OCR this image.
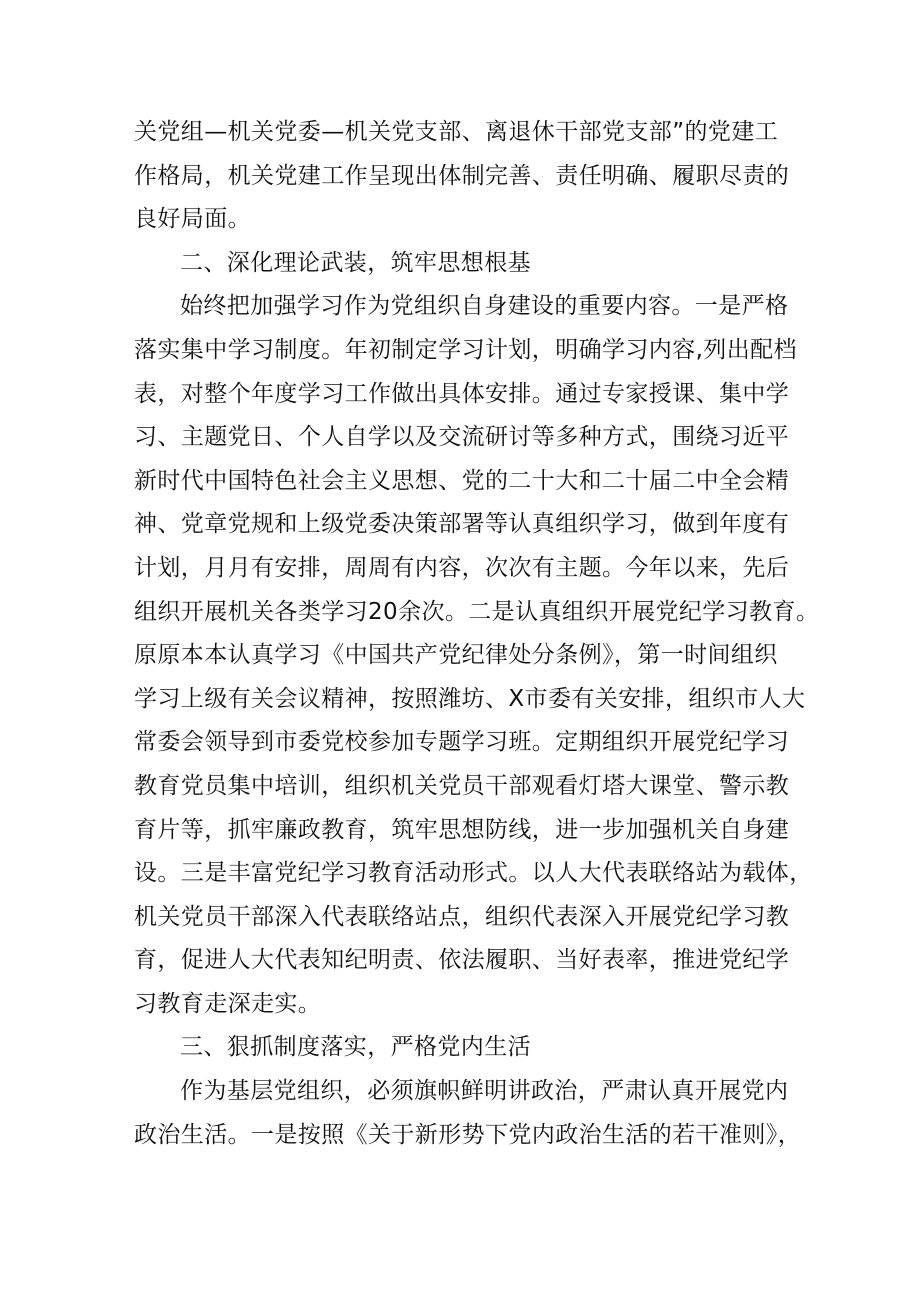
关党组—机关党委—机关党支部、离退休干部党支部”的党建工
作格局，机关党建工作呈现出体制完善、责任明确、履职尽责的
良好局面。
二、深化理论武装，筑牢思想根基
始终把加强学习作为党组织自身建设的重要内容。一是严格
落实集中学习制度。年初制定学习计划，明确学习内容,列出配档
表，对整个年度学习工作做出具体安排。通过专家授课、集中学
习、主题党日、个人自学以及交流研讨等多种方式，围绕习近平
新时代中国特色社会主义思想、党的二十大和二十届二中全会精
神、党章党规和上级党委决策部署等认真组织学习，做到年度有
计划，月月有安排，周周有内容，次次有主题。今年以来，先后
组织开展机关各类学习20余次。二是认真组织开展党纪学习教育。
原原本本认真学习《中国共产党纪律处分条例》，第一时间组织
学习上级有关会议精神，按照潍坊、X市委有关安排，组织市人大
常委会领导到市委党校参加专题学习班。定期组织开展党纪学习
教育党员集中培训，组织机关党员干部观看灯塔大课堂、警示教
育片等，抓牢廉政教育，筑牢思想防线，进一步加强机关自身建
设。三是丰富党纪学习教育活动形式。以人大代表联络站为载体，
机关党员干部深入代表联络站点，组织代表深入开展党纪学习教
育，促进人大代表知纪明责、依法履职、当好表率，推进党纪学
习教育走深走实。
三、狠抓制度落实，严格党内生活
作为基层党组织，必须旗帜鲜明讲政治，严肃认真开展党内
政治生活。一是按照《关于新形势下党内政治生活的若干准则》，
